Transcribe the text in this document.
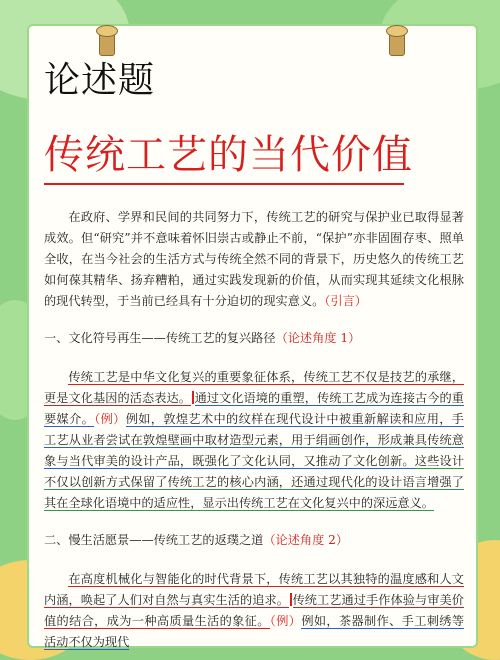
论述题
传统工艺的当代价值

在政府、学界和民间的共同努力下，传统工艺的研究与保护业已取得显著成效。但“研究”并不意味着怀旧崇古或静止不前，“保护”亦非固囿存枣、照单全收，在当今社会的生活方式与传统全然不同的背景下，历史悠久的传统工艺如何葆其精华、扬弃糟粕，通过实践发现新的价值，从而实现其延续文化根脉的现代转型，于当前已经具有十分迫切的现实意义。（引言）

一、文化符号再生——传统工艺的复兴路径（论述角度 1）

传统工艺是中华文化复兴的重要象征体系，传统工艺不仅是技艺的承继，更是文化基因的活态表达。 通过文化语境的重塑，传统工艺成为连接古今的重要媒介。（例）例如，敦煌艺术中的纹样在现代设计中被重新解读和应用，手工艺从业者尝试在敦煌壁画中取材造型元素，用于绢画创作，形成兼具传统意象与当代审美的设计产品，既强化了文化认同，又推动了文化创新。这些设计不仅以创新方式保留了传统工艺的核心内涵，还通过现代化的设计语言增强了其在全球化语境中的适应性，显示出传统工艺在文化复兴中的深远意义。

二、慢生活愿景——传统工艺的返璞之道（论述角度 2）

在高度机械化与智能化的时代背景下，传统工艺以其独特的温度感和人文内涵，唤起了人们对自然与真实生活的追求。 传统工艺通过手作体验与审美价值的结合，成为一种高质量生活的象征。（例）例如，茶器制作、手工刺绣等活动不仅为现代
